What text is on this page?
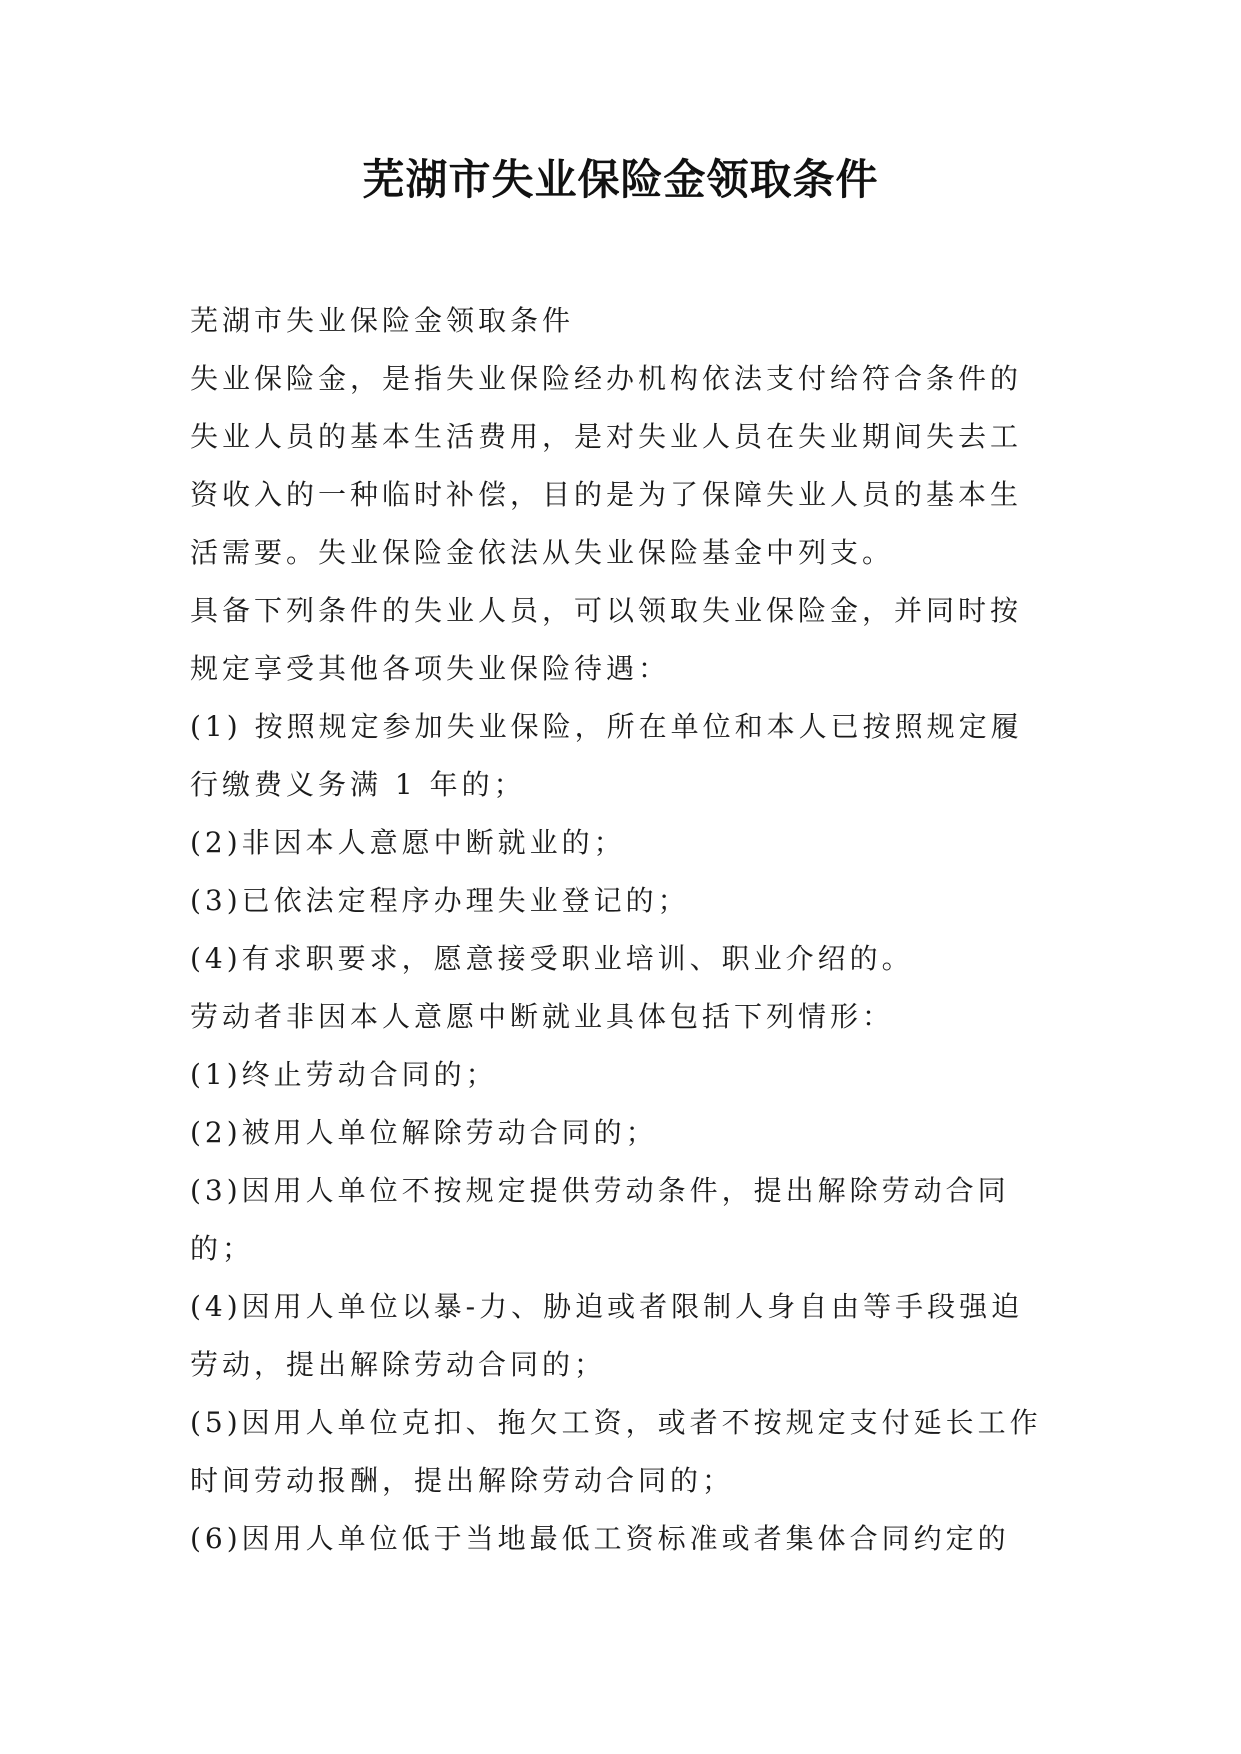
芜湖市失业保险金领取条件

芜湖市失业保险金领取条件

失业保险金，是指失业保险经办机构依法支付给符合条件的失业人员的基本生活费用，是对失业人员在失业期间失去工资收入的一种临时补偿，目的是为了保障失业人员的基本生活需要。失业保险金依法从失业保险基金中列支。

具备下列条件的失业人员，可以领取失业保险金，并同时按规定享受其他各项失业保险待遇：

(1) 按照规定参加失业保险，所在单位和本人已按照规定履行缴费义务满 1 年的；

(2)非因本人意愿中断就业的；

(3)已依法定程序办理失业登记的；

(4)有求职要求，愿意接受职业培训、职业介绍的。

劳动者非因本人意愿中断就业具体包括下列情形：

(1)终止劳动合同的；

(2)被用人单位解除劳动合同的；

(3)因用人单位不按规定提供劳动条件，提出解除劳动合同的；

(4)因用人单位以暴-力、胁迫或者限制人身自由等手段强迫劳动，提出解除劳动合同的；

(5)因用人单位克扣、拖欠工资，或者不按规定支付延长工作时间劳动报酬，提出解除劳动合同的；

(6)因用人单位低于当地最低工资标准或者集体合同约定的
